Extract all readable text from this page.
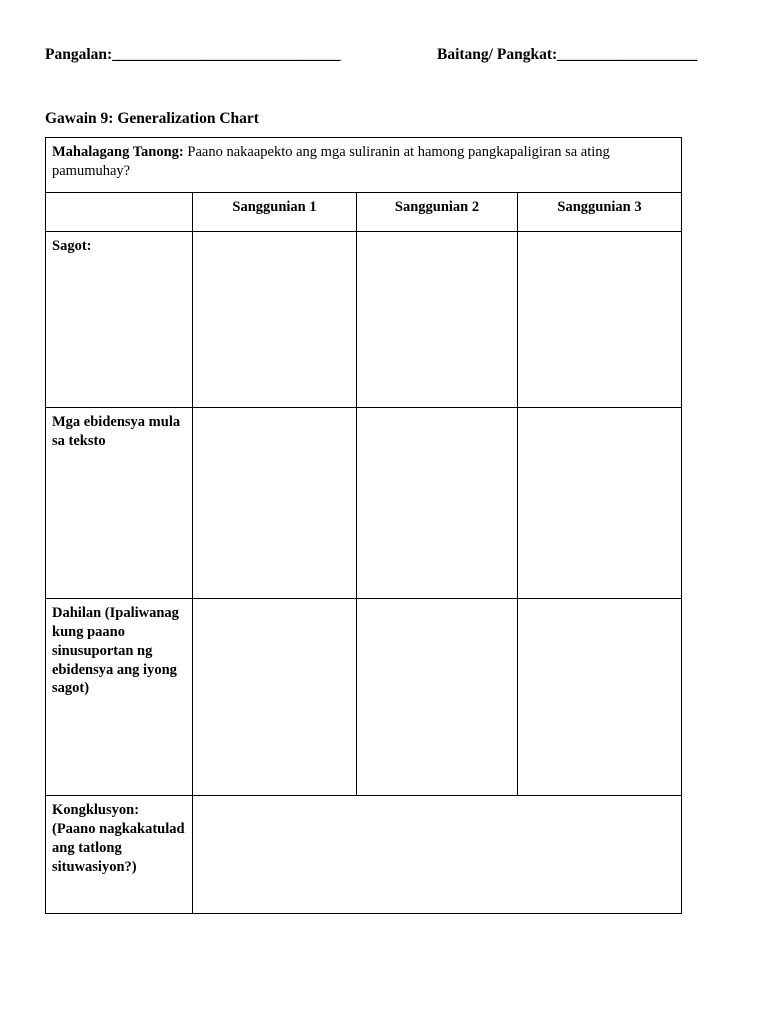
Pangalan:_______________________________	Baitang/ Pangkat:___________________
Gawain 9: Generalization Chart
Mahalagang Tanong: Paano nakaapekto ang mga suliranin at hamong pangkapaligiran sa ating pamumuhay?			
	Sanggunian 1	Sanggunian 2	Sanggunian 3
Sagot:			
Mga ebidensya mula sa teksto			
Dahilan (Ipaliwanag kung paano sinusuportan ng ebidensya ang iyong sagot)			
Kongklusyon: (Paano nagkakatulad ang tatlong situwasiyon?)			
